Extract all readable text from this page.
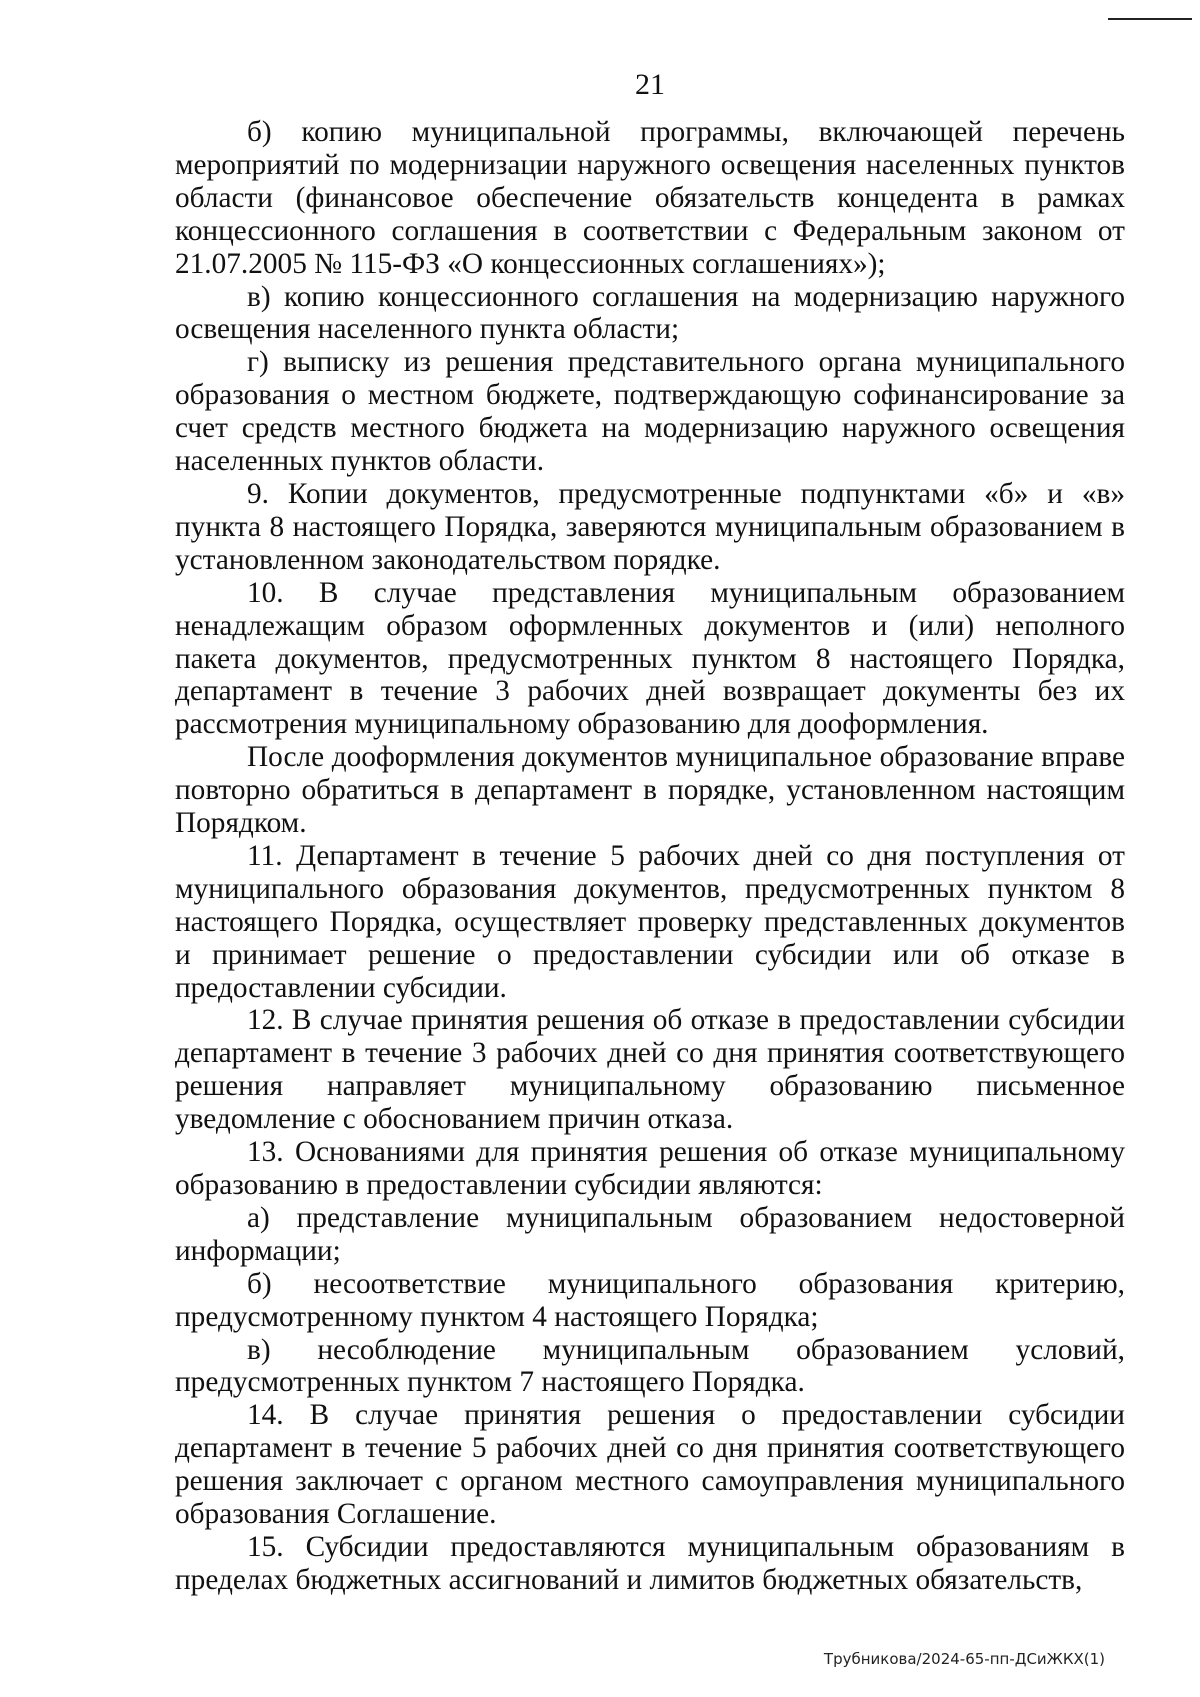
21

б) копию муниципальной программы, включающей перечень мероприятий по модернизации наружного освещения населенных пунктов области (финансовое обеспечение обязательств концедента в рамках концессионного соглашения в соответствии с Федеральным законом от 21.07.2005 № 115-ФЗ «О концессионных соглашениях»);

в) копию концессионного соглашения на модернизацию наружного освещения населенного пункта области;

г) выписку из решения представительного органа муниципального образования о местном бюджете, подтверждающую софинансирование за счет средств местного бюджета на модернизацию наружного освещения населенных пунктов области.

9. Копии документов, предусмотренные подпунктами «б» и «в» пункта 8 настоящего Порядка, заверяются муниципальным образованием в установленном законодательством порядке.

10. В случае представления муниципальным образованием ненадлежащим образом оформленных документов и (или) неполного пакета документов, предусмотренных пунктом 8 настоящего Порядка, департамент в течение 3 рабочих дней возвращает документы без их рассмотрения муниципальному образованию для дооформления.

После дооформления документов муниципальное образование вправе повторно обратиться в департамент в порядке, установленном настоящим Порядком.

11. Департамент в течение 5 рабочих дней со дня поступления от муниципального образования документов, предусмотренных пунктом 8 настоящего Порядка, осуществляет проверку представленных документов и принимает решение о предоставлении субсидии или об отказе в предоставлении субсидии.

12. В случае принятия решения об отказе в предоставлении субсидии департамент в течение 3 рабочих дней со дня принятия соответствующего решения направляет муниципальному образованию письменное уведомление с обоснованием причин отказа.

13. Основаниями для принятия решения об отказе муниципальному образованию в предоставлении субсидии являются:

а) представление муниципальным образованием недостоверной информации;

б) несоответствие муниципального образования критерию, предусмотренному пунктом 4 настоящего Порядка;

в) несоблюдение муниципальным образованием условий, предусмотренных пунктом 7 настоящего Порядка.

14. В случае принятия решения о предоставлении субсидии департамент в течение 5 рабочих дней со дня принятия соответствующего решения заключает с органом местного самоуправления муниципального образования Соглашение.

15. Субсидии предоставляются муниципальным образованиям в пределах бюджетных ассигнований и лимитов бюджетных обязательств,

Трубникова/2024-65-пп-ДСиЖКХ(1)
